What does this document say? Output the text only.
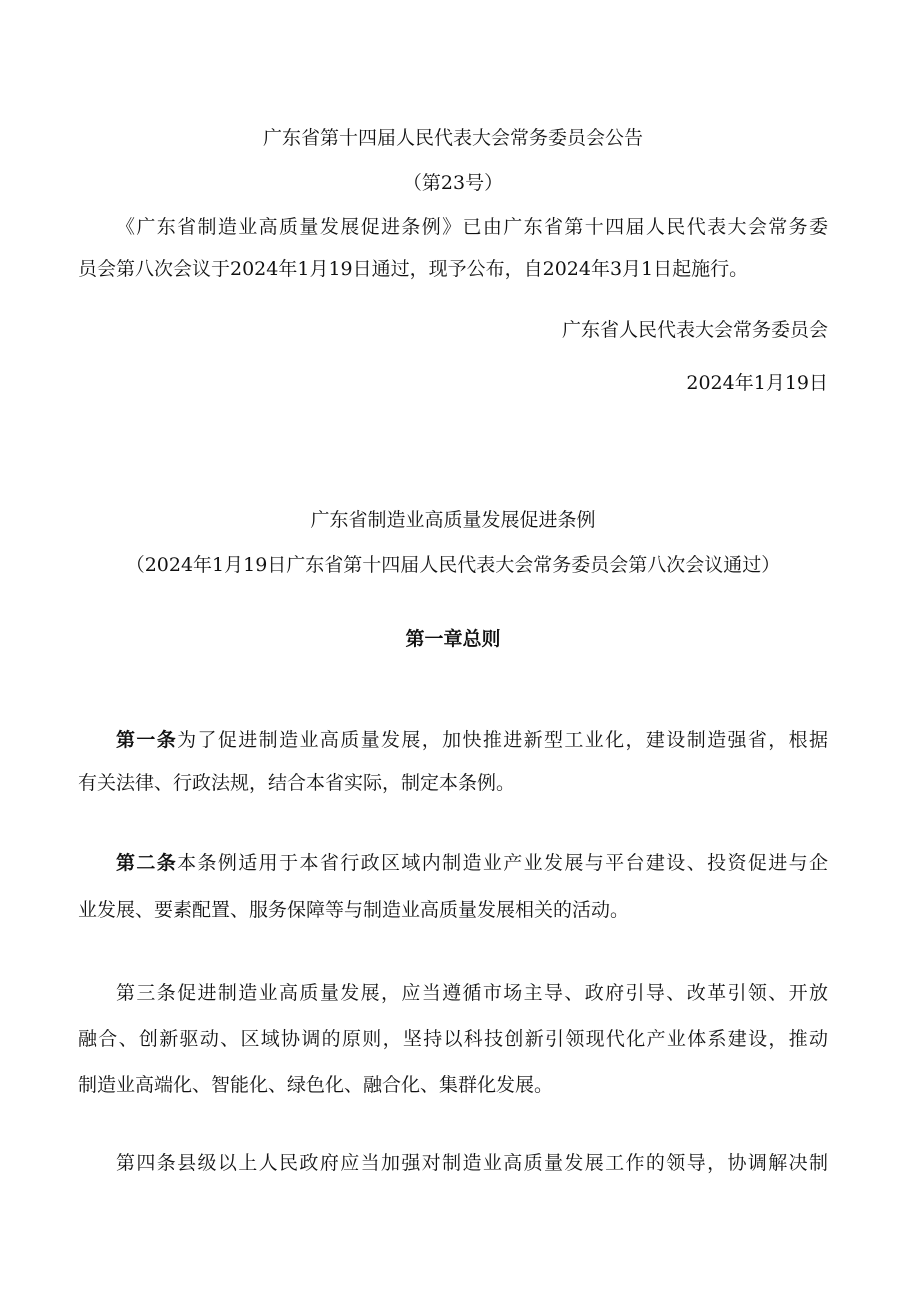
广东省第十四届人民代表大会常务委员会公告
（第23号）
《广东省制造业高质量发展促进条例》已由广东省第十四届人民代表大会常务委
员会第八次会议于2024年1月19日通过，现予公布，自2024年3月1日起施行。
广东省人民代表大会常务委员会
2024年1月19日
广东省制造业高质量发展促进条例
（2024年1月19日广东省第十四届人民代表大会常务委员会第八次会议通过）
第一章总则
第一条为了促进制造业高质量发展，加快推进新型工业化，建设制造强省，根据
有关法律、行政法规，结合本省实际，制定本条例。
第二条本条例适用于本省行政区域内制造业产业发展与平台建设、投资促进与企
业发展、要素配置、服务保障等与制造业高质量发展相关的活动。
第三条促进制造业高质量发展，应当遵循市场主导、政府引导、改革引领、开放
融合、创新驱动、区域协调的原则，坚持以科技创新引领现代化产业体系建设，推动
制造业高端化、智能化、绿色化、融合化、集群化发展。
第四条县级以上人民政府应当加强对制造业高质量发展工作的领导，协调解决制
